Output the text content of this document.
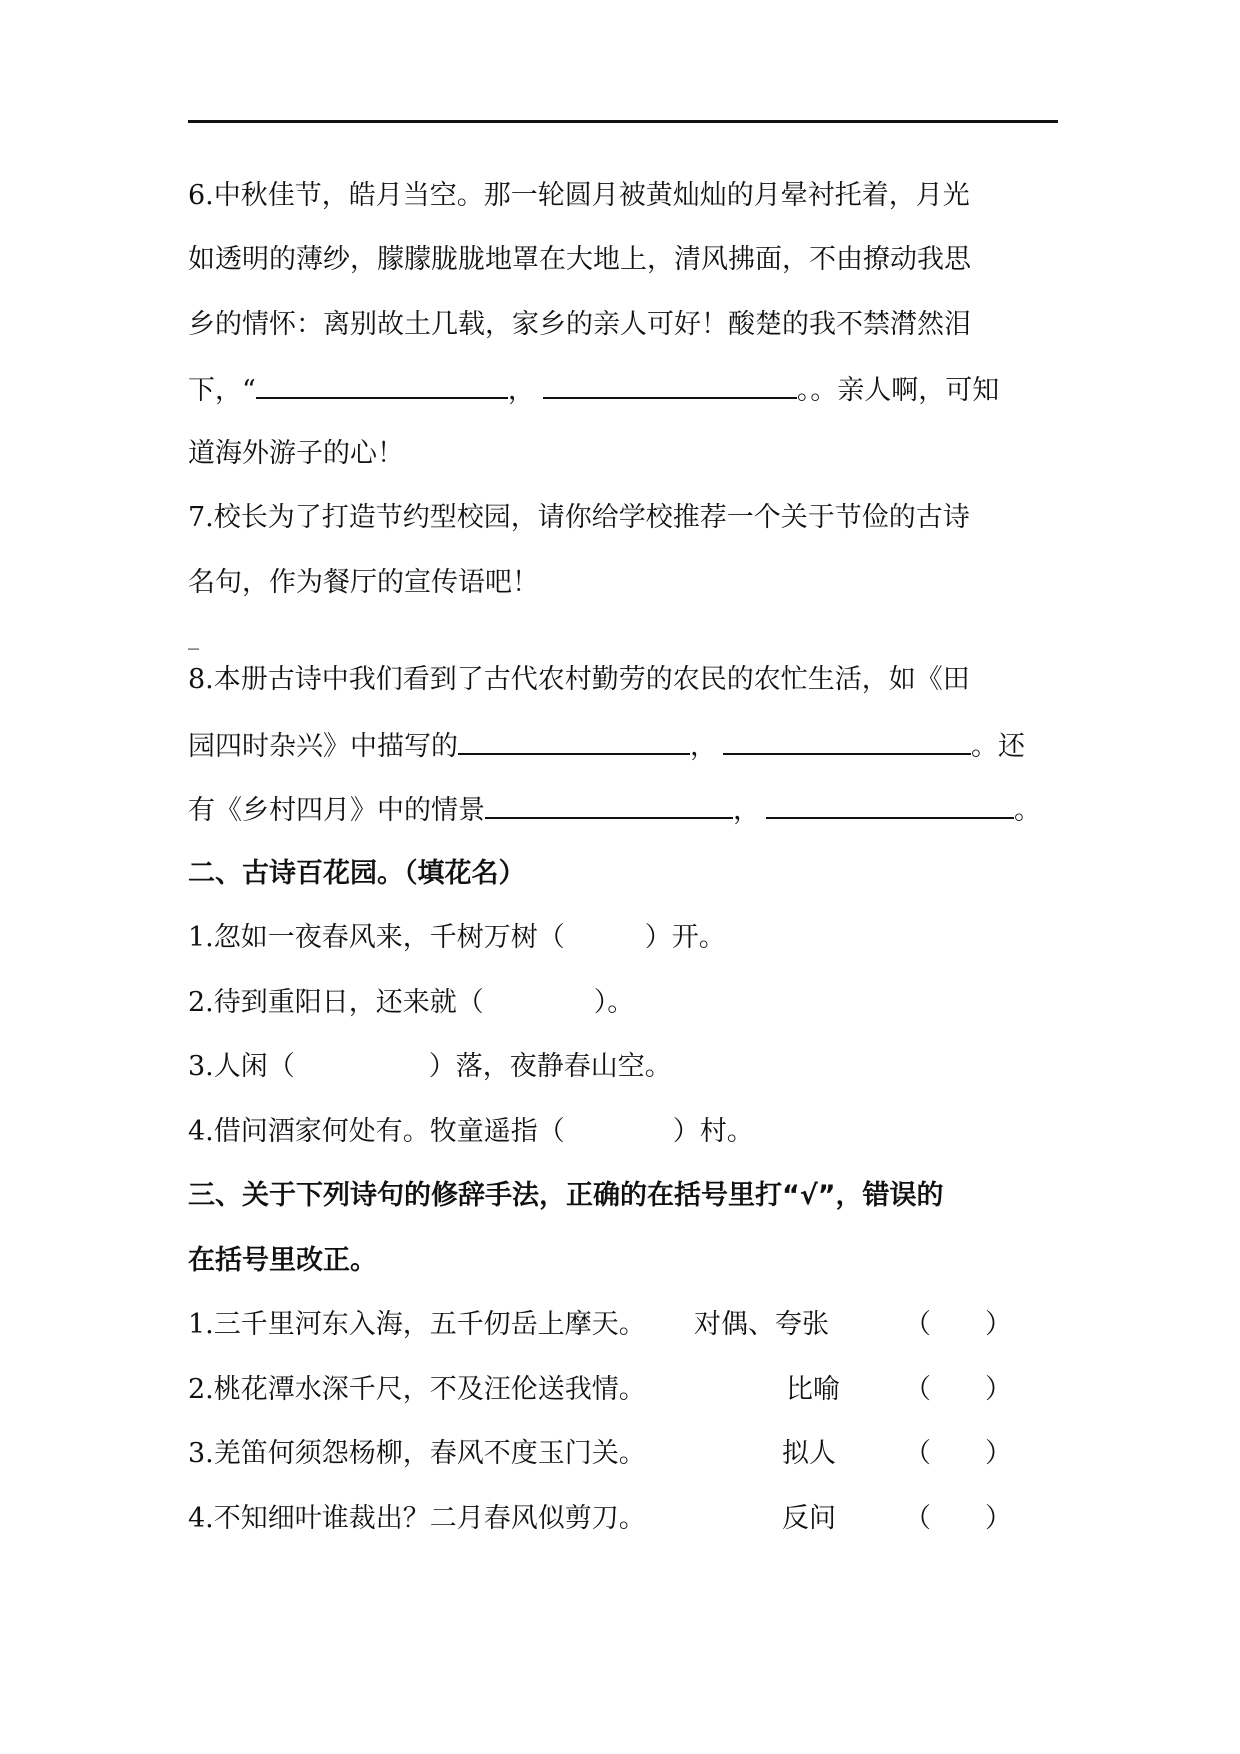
6.中秋佳节，皓月当空。那一轮圆月被黄灿灿的月晕衬托着，月光
如透明的薄纱，朦朦胧胧地罩在大地上，清风拂面，不由撩动我思
乡的情怀：离别故土几载，家乡的亲人可好！酸楚的我不禁潸然泪
下，“	，	。。亲人啊，可知
道海外游子的心！
7.校长为了打造节约型校园，请你给学校推荐一个关于节俭的古诗
名句，作为餐厅的宣传语吧！
_
8.本册古诗中我们看到了古代农村勤劳的农民的农忙生活，如《田
园四时杂兴》中描写的	，	。还
有《乡村四月》中的情景	，	。
二、古诗百花园。（填花名）
1.忽如一夜春风来，千树万树（	）开。
2.待到重阳日，还来就（	）。
3.人闲（	）落，夜静春山空。
4.借问酒家何处有。牧童遥指（	）村。
三、关于下列诗句的修辞手法，正确的在括号里打“√”，错误的
在括号里改正。
1.三千里河东入海，五千仞岳上摩天。 对偶、夸张	（　　）
2.桃花潭水深千尺，不及汪伦送我情。	比喻 （　　）
3.羌笛何须怨杨柳，春风不度玉门关。	拟人	（　　）
4.不知细叶谁裁出？二月春风似剪刀。	反问	（　　）
